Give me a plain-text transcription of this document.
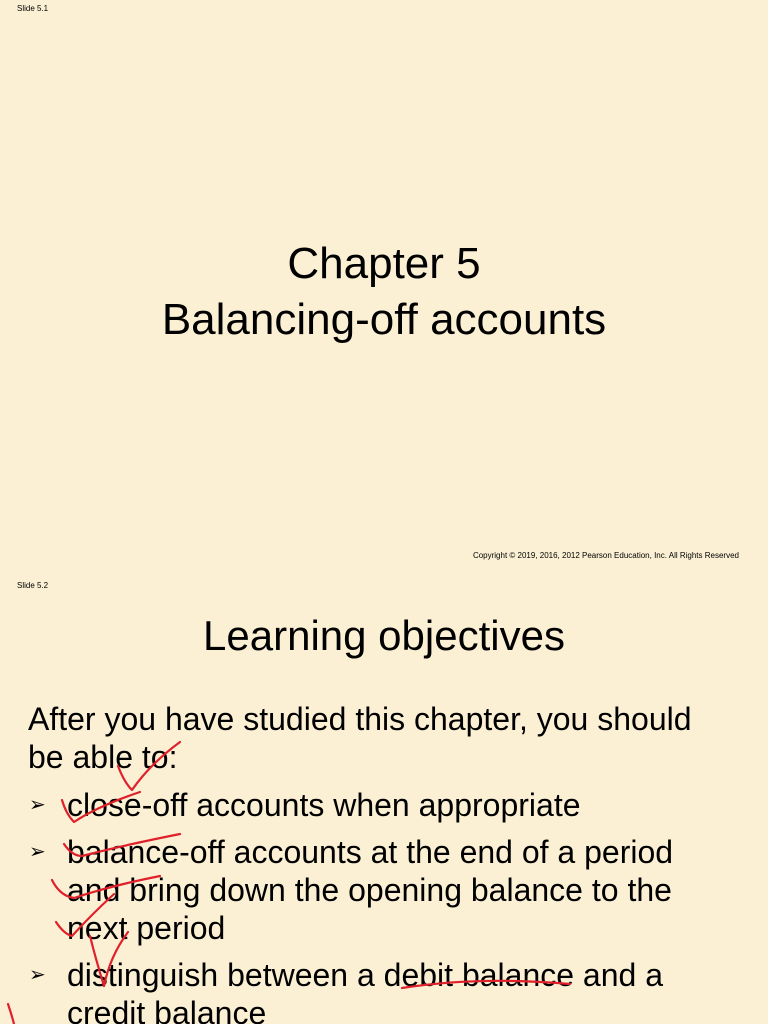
Slide 5.1
Chapter 5
Balancing-off accounts
Copyright © 2019, 2016, 2012 Pearson Education, Inc. All Rights Reserved
Slide 5.2
Learning objectives
After you have studied this chapter, you should
be able to:
➢ close-off accounts when appropriate
➢ balance-off accounts at the end of a period
and bring down the opening balance to the
next period
➢ distinguish between a debit balance and a
credit balance
